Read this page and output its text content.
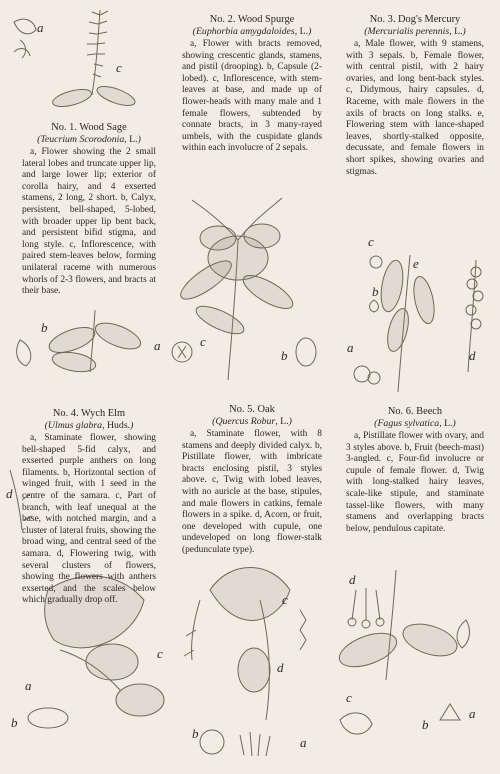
a
c
b
a	c
b
c
e
b
a
d
d
c
a
b
c
d
b
a
d
c
a
b
No. 1. Wood Sage
(Teucrium Scorodonia, L.)
a, Flower showing the 2 small lateral lobes and truncate upper lip, and large lower lip; exterior of corolla hairy, and 4 exserted stamens, 2 long, 2 short. b, Calyx, persistent, bell-shaped, 5-lobed, with broader upper lip bent back, and persistent bifid stigma, and long style. c, Inflorescence, with paired stem-leaves below, forming unilateral raceme with numerous whorls of 2-3 flowers, and bracts at their base.
No. 2. Wood Spurge
(Euphorbia amygdaloides, L.)
a, Flower with bracts removed, showing crescentic glands, stamens, and pistil (drooping). b, Capsule (2-lobed). c, Inflorescence, with stem-leaves at base, and made up of flower-heads with many male and 1 female flowers, subtended by connate bracts, in 3 many-rayed umbels, with the cuspidate glands within each involucre of 2 sepals.
No. 3. Dog's Mercury
(Mercurialis perennis, L.)
a, Male flower, with 9 stamens, with 3 sepals. b, Female flower, with central pistil, with 2 hairy ovaries, and long bent-back styles. c, Didymous, hairy capsules. d, Raceme, with male flowers in the axils of bracts on long stalks. e, Flowering stem with lance-shaped leaves, shortly-stalked opposite, decussate, and female flowers in short spikes, showing ovaries and stigmas.
No. 4. Wych Elm
(Ulmus glabra, Huds.)
a, Staminate flower, showing bell-shaped 5-fid calyx, and exserted purple anthers on long filaments. b, Horizontal section of winged fruit, with 1 seed in the centre of the samara. c, Part of branch, with leaf unequal at the base, with notched margin, and a cluster of lateral fruits, showing the broad wing, and central seed of the samara. d, Flowering twig, with several clusters of flowers, showing the flowers with anthers exserted, and the scales below which gradually drop off.
No. 5. Oak
(Quercus Robur, L.)
a, Staminate flower, with 8 stamens and deeply divided calyx. b, Pistillate flower, with imbricate bracts enclosing pistil, 3 styles above. c, Twig with lobed leaves, with no auricle at the base, stipules, and male flowers in catkins, female flowers in a spike. d, Acorn, or fruit, one developed with cupule, one undeveloped on long flower-stalk (pedunculate type).
No. 6. Beech
(Fagus sylvatica, L.)
a, Pistillate flower with ovary, and 3 styles above. b, Fruit (beech-mast) 3-angled. c, Four-fid involucre or cupule of female flower. d, Twig with long-stalked hairy leaves, scale-like stipule, and staminate tassel-like flowers, with many stamens and overlapping bracts below, pendulous capitate.
